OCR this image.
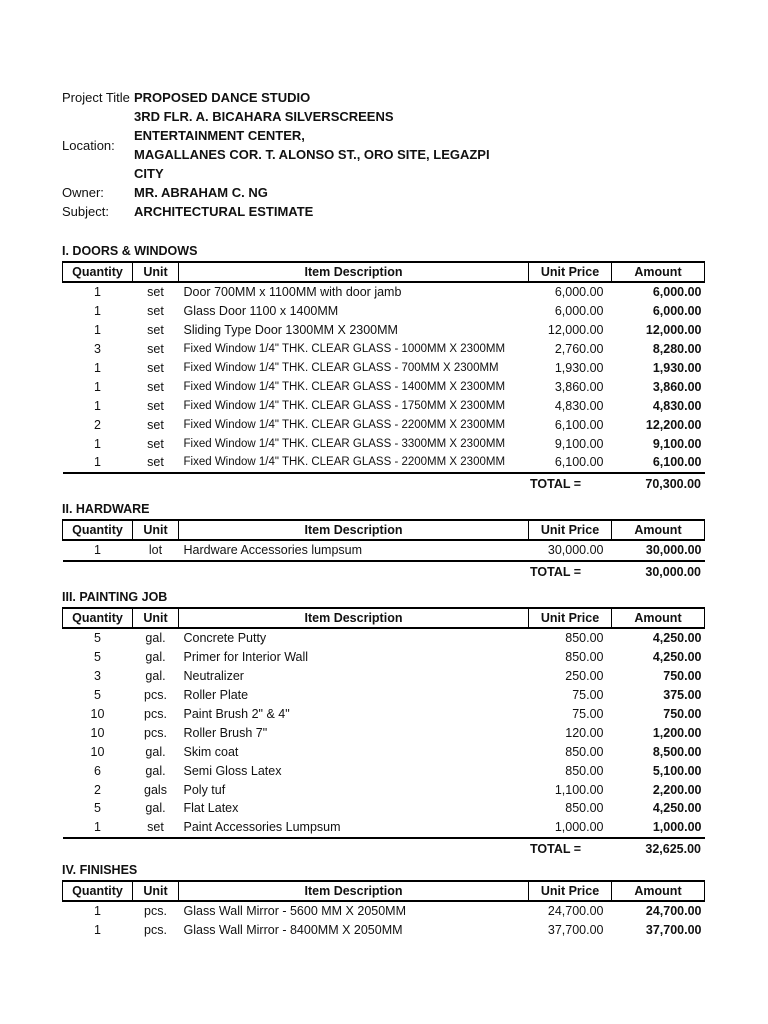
Project Title PROPOSED DANCE STUDIO
Location:
3RD FLR. A. BICAHARA SILVERSCREENS
ENTERTAINMENT CENTER,
MAGALLANES COR. T. ALONSO ST., ORO SITE, LEGAZPI
CITY
Owner:	MR. ABRAHAM C. NG
Subject:	ARCHITECTURAL ESTIMATE
I. DOORS & WINDOWS
Quantity	Unit	Item Description	Unit Price	Amount
1	set	Door 700MM x 1100MM with door jamb	6,000.00	6,000.00
1	set	Glass Door 1100 x 1400MM	6,000.00	6,000.00
1	set	Sliding Type Door 1300MM X 2300MM	12,000.00	12,000.00
3	set	Fixed Window 1/4" THK. CLEAR GLASS - 1000MM X 2300MM	2,760.00	8,280.00
1	set	Fixed Window 1/4" THK. CLEAR GLASS - 700MM X 2300MM	1,930.00	1,930.00
1	set	Fixed Window 1/4" THK. CLEAR GLASS - 1400MM X 2300MM	3,860.00	3,860.00
1	set	Fixed Window 1/4" THK. CLEAR GLASS - 1750MM X 2300MM	4,830.00	4,830.00
2	set	Fixed Window 1/4" THK. CLEAR GLASS - 2200MM X 2300MM	6,100.00	12,200.00
1	set	Fixed Window 1/4" THK. CLEAR GLASS - 3300MM X 2300MM	9,100.00	9,100.00
1	set	Fixed Window 1/4" THK. CLEAR GLASS - 2200MM X 2300MM	6,100.00	6,100.00
TOTAL =	70,300.00
II. HARDWARE
Quantity	Unit	Item Description	Unit Price	Amount
1	lot	Hardware Accessories lumpsum	30,000.00	30,000.00
TOTAL =	30,000.00
III. PAINTING JOB
Quantity	Unit	Item Description	Unit Price	Amount
5	gal.	Concrete Putty	850.00	4,250.00
5	gal.	Primer for Interior Wall	850.00	4,250.00
3	gal.	Neutralizer	250.00	750.00
5	pcs.	Roller Plate	75.00	375.00
10	pcs.	Paint Brush 2" & 4"	75.00	750.00
10	pcs.	Roller Brush 7"	120.00	1,200.00
10	gal.	Skim coat	850.00	8,500.00
6	gal.	Semi Gloss Latex	850.00	5,100.00
2	gals	Poly tuf	1,100.00	2,200.00
5	gal.	Flat Latex	850.00	4,250.00
1	set	Paint Accessories Lumpsum	1,000.00	1,000.00
TOTAL =	32,625.00
IV. FINISHES
Quantity	Unit	Item Description	Unit Price	Amount
1	pcs.	Glass Wall Mirror - 5600 MM X 2050MM	24,700.00	24,700.00
1	pcs.	Glass Wall Mirror - 8400MM X 2050MM	37,700.00	37,700.00
